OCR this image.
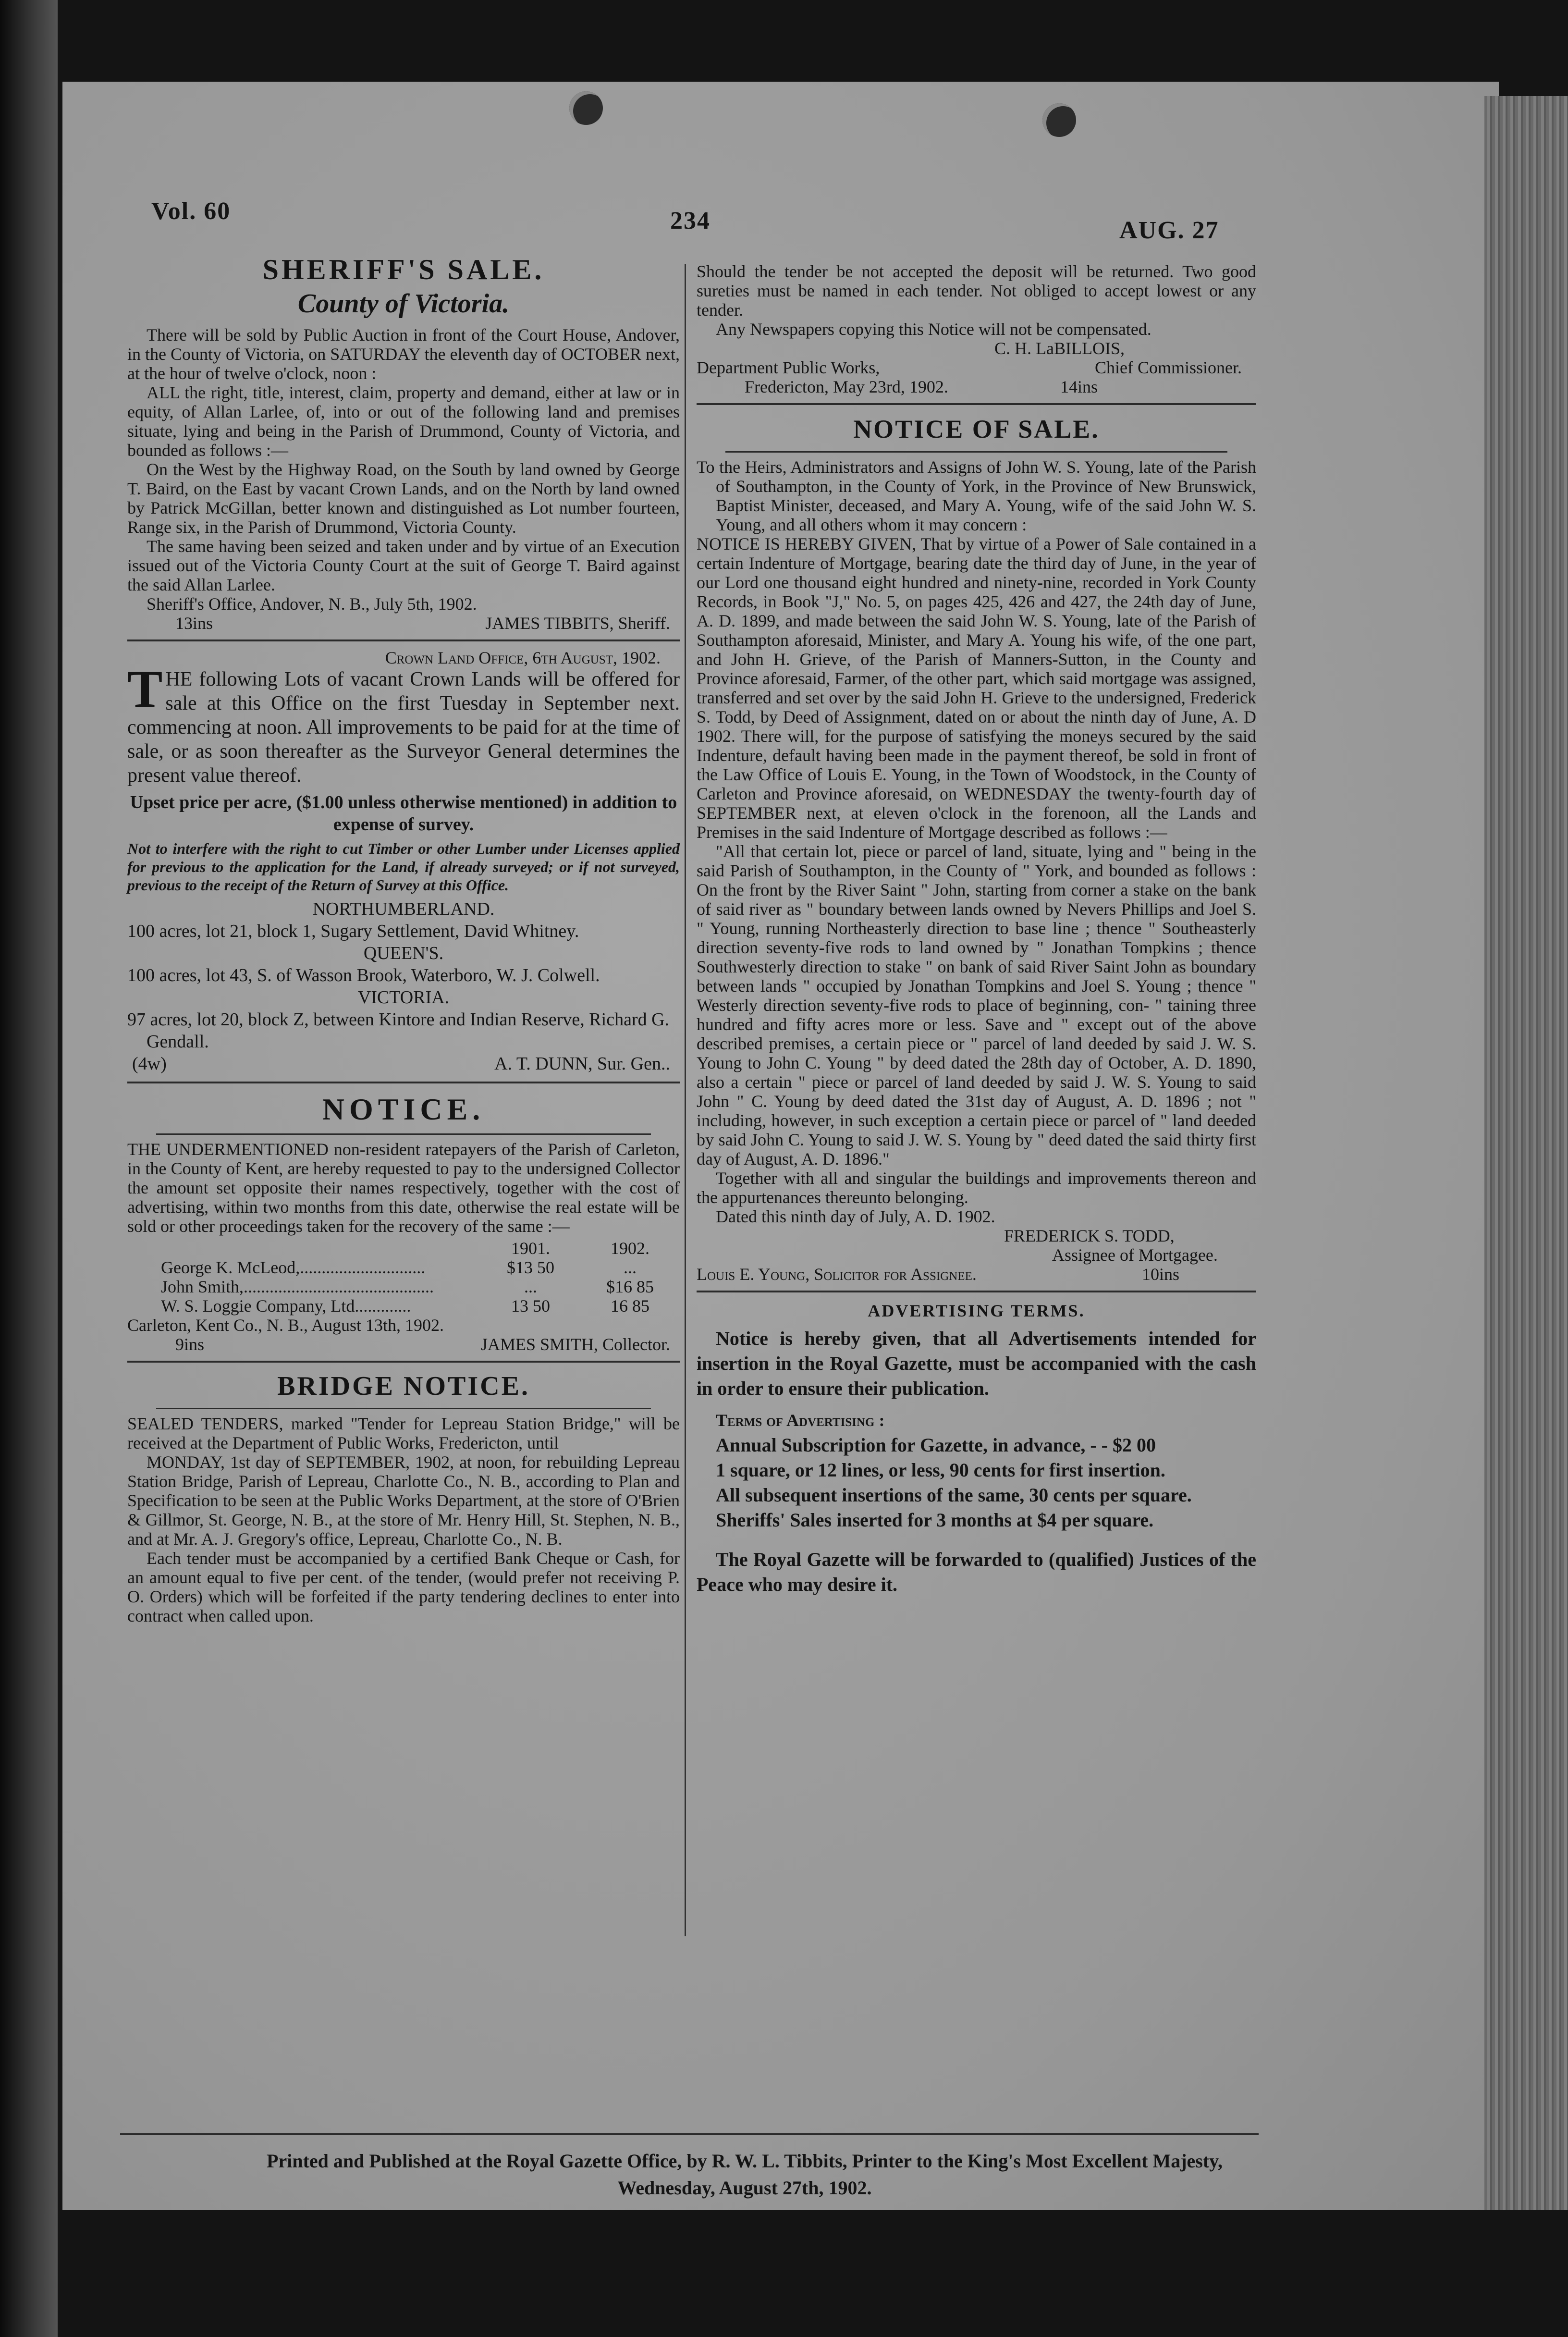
Vol. 60	234	AUG. 27
SHERIFF'S SALE.
County of Victoria.

There will be sold by Public Auction in front of the Court House, Andover, in the County of Victoria, on SATURDAY the eleventh day of OCTOBER next, at the hour of twelve o'clock, noon :

ALL the right, title, interest, claim, property and demand, either at law or in equity, of Allan Larlee, of, into or out of the following land and premises situate, lying and being in the Parish of Drummond, County of Victoria, and bounded as follows :—

On the West by the Highway Road, on the South by land owned by George T. Baird, on the East by vacant Crown Lands, and on the North by land owned by Patrick McGillan, better known and distinguished as Lot number fourteen, Range six, in the Parish of Drummond, Victoria County.

The same having been seized and taken under and by virtue of an Execution issued out of the Victoria County Court at the suit of George T. Baird against the said Allan Larlee.

Sheriff's Office, Andover, N. B., July 5th, 1902.

13ins	JAMES TIBBITS, Sheriff.

Crown Land Office, 6th August, 1902.

THE following Lots of vacant Crown Lands will be offered for sale at this Office on the first Tuesday in September next. commencing at noon. All improvements to be paid for at the time of sale, or as soon thereafter as the Surveyor General determines the present value thereof.

Upset price per acre, ($1.00 unless otherwise mentioned) in addition to expense of survey.

Not to interfere with the right to cut Timber or other Lumber under Licenses applied for previous to the application for the Land, if already surveyed; or if not surveyed, previous to the receipt of the Return of Survey at this Office.

NORTHUMBERLAND.

100 acres, lot 21, block 1, Sugary Settlement, David Whitney.

QUEEN'S.

100 acres, lot 43, S. of Wasson Brook, Waterboro, W. J. Colwell.

VICTORIA.

97 acres, lot 20, block Z, between Kintore and Indian Reserve, Richard G. Gendall.

(4w)	A. T. DUNN, Sur. Gen..
NOTICE.

THE UNDERMENTIONED non-resident ratepayers of the Parish of Carleton, in the County of Kent, are hereby requested to pay to the undersigned Collector the amount set opposite their names respectively, together with the cost of advertising, within two months from this date, otherwise the real estate will be sold or other proceedings taken for the recovery of the same :—

	1901.	1902.
George K. McLeod,.............................	$13 50	...
John Smith,............................................	...	$16 85
W. S. Loggie Company, Ltd.............	13 50	16 85

Carleton, Kent Co., N. B., August 13th, 1902.

9ins	JAMES SMITH, Collector.
BRIDGE NOTICE.

SEALED TENDERS, marked "Tender for Lepreau Station Bridge," will be received at the Department of Public Works, Fredericton, until

MONDAY, 1st day of SEPTEMBER, 1902, at noon, for rebuilding Lepreau Station Bridge, Parish of Lepreau, Charlotte Co., N. B., according to Plan and Specification to be seen at the Public Works Department, at the store of O'Brien & Gillmor, St. George, N. B., at the store of Mr. Henry Hill, St. Stephen, N. B., and at Mr. A. J. Gregory's office, Lepreau, Charlotte Co., N. B.

Each tender must be accompanied by a certified Bank Cheque or Cash, for an amount equal to five per cent. of the tender, (would prefer not receiving P. O. Orders) which will be forfeited if the party tendering declines to enter into contract when called upon.

Should the tender be not accepted the deposit will be returned. Two good sureties must be named in each tender. Not obliged to accept lowest or any tender.

Any Newspapers copying this Notice will not be compensated.

C. H. LaBILLOIS,

Department Public Works,	Chief Commissioner.
Fredericton, May 23rd, 1902.	14ins
NOTICE OF SALE.

To the Heirs, Administrators and Assigns of John W. S. Young, late of the Parish of Southampton, in the County of York, in the Province of New Brunswick, Baptist Minister, deceased, and Mary A. Young, wife of the said John W. S. Young, and all others whom it may concern :

NOTICE IS HEREBY GIVEN, That by virtue of a Power of Sale contained in a certain Indenture of Mortgage, bearing date the third day of June, in the year of our Lord one thousand eight hundred and ninety-nine, recorded in York County Records, in Book "J," No. 5, on pages 425, 426 and 427, the 24th day of June, A. D. 1899, and made between the said John W. S. Young, late of the Parish of Southampton aforesaid, Minister, and Mary A. Young his wife, of the one part, and John H. Grieve, of the Parish of Manners-Sutton, in the County and Province aforesaid, Farmer, of the other part, which said mortgage was assigned, transferred and set over by the said John H. Grieve to the undersigned, Frederick S. Todd, by Deed of Assignment, dated on or about the ninth day of June, A. D 1902. There will, for the purpose of satisfying the moneys secured by the said Indenture, default having been made in the payment thereof, be sold in front of the Law Office of Louis E. Young, in the Town of Woodstock, in the County of Carleton and Province aforesaid, on WEDNESDAY the twenty-fourth day of SEPTEMBER next, at eleven o'clock in the forenoon, all the Lands and Premises in the said Indenture of Mortgage described as follows :—

"All that certain lot, piece or parcel of land, situate, lying and " being in the said Parish of Southampton, in the County of " York, and bounded as follows : On the front by the River Saint " John, starting from corner a stake on the bank of said river as " boundary between lands owned by Nevers Phillips and Joel S. " Young, running Northeasterly direction to base line ; thence " Southeasterly direction seventy-five rods to land owned by " Jonathan Tompkins ; thence Southwesterly direction to stake " on bank of said River Saint John as boundary between lands " occupied by Jonathan Tompkins and Joel S. Young ; thence " Westerly direction seventy-five rods to place of beginning, con- " taining three hundred and fifty acres more or less. Save and " except out of the above described premises, a certain piece or " parcel of land deeded by said J. W. S. Young to John C. Young " by deed dated the 28th day of October, A. D. 1890, also a certain " piece or parcel of land deeded by said J. W. S. Young to said John " C. Young by deed dated the 31st day of August, A. D. 1896 ; not " including, however, in such exception a certain piece or parcel of " land deeded by said John C. Young to said J. W. S. Young by " deed dated the said thirty first day of August, A. D. 1896."

Together with all and singular the buildings and improvements thereon and the appurtenances thereunto belonging.

Dated this ninth day of July, A. D. 1902.

FREDERICK S. TODD,

Assignee of Mortgagee.

Louis E. Young, Solicitor for Assignee.	10ins
ADVERTISING TERMS.

Notice is hereby given, that all Advertisements intended for insertion in the Royal Gazette, must be accompanied with the cash in order to ensure their publication.

Terms of Advertising :

Annual Subscription for Gazette, in advance, - - $2 00

1 square, or 12 lines, or less, 90 cents for first insertion.

All subsequent insertions of the same, 30 cents per square.

Sheriffs' Sales inserted for 3 months at $4 per square.

The Royal Gazette will be forwarded to (qualified) Justices of the Peace who may desire it.

Printed and Published at the Royal Gazette Office, by R. W. L. Tibbits, Printer to the King's Most Excellent Majesty,
Wednesday, August 27th, 1902.
